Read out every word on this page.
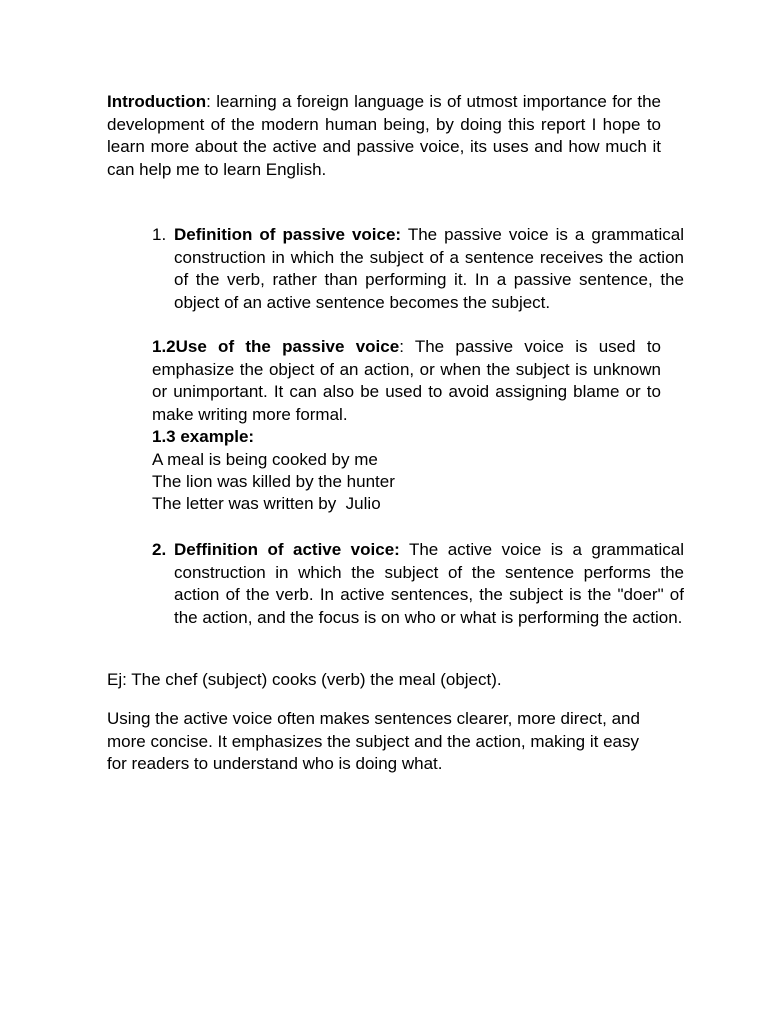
Introduction: learning a foreign language is of utmost importance for the development of the modern human being, by doing this report I hope to learn more about the active and passive voice, its uses and how much it can help me to learn English.
1. Definition of passive voice: The passive voice is a grammatical construction in which the subject of a sentence receives the action of the verb, rather than performing it. In a passive sentence, the object of an active sentence becomes the subject.
1.2Use of the passive voice: The passive voice is used to emphasize the object of an action, or when the subject is unknown or unimportant. It can also be used to avoid assigning blame or to make writing more formal.
1.3 example:
A meal is being cooked by me
The lion was killed by the hunter
The letter was written by  Julio
2. Deffinition of active voice: The active voice is a grammatical construction in which the subject of the sentence performs the action of the verb. In active sentences, the subject is the "doer" of the action, and the focus is on who or what is performing the action.
Ej: The chef (subject) cooks (verb) the meal (object).
Using the active voice often makes sentences clearer, more direct, and more concise. It emphasizes the subject and the action, making it easy for readers to understand who is doing what.
